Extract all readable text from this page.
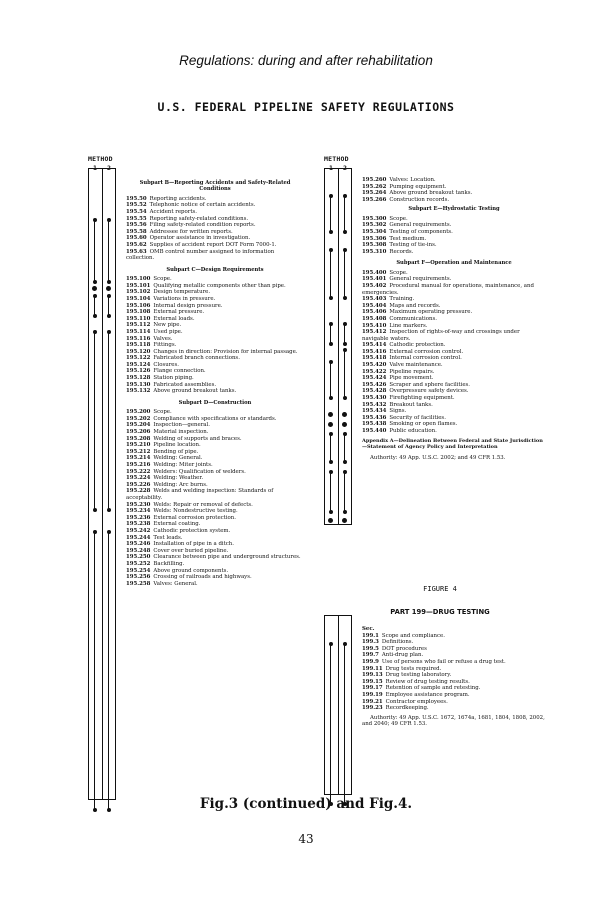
Regulations: during and after rehabilitation
U.S. FEDERAL PIPELINE SAFETY REGULATIONS
METHOD
1 2
Subpart B—Reporting Accidents and Safety-Related Conditions
195.50 Reporting accidents.
195.52 Telephonic notice of certain accidents.
195.54 Accident reports.
195.55 Reporting safety-related conditions.
195.56 Filing safety-related condition reports.
195.58 Addressee for written reports.
195.60 Operator assistance in investigation.
195.62 Supplies of accident report DOT Form 7000-1.
195.63 OMB control number assigned to information collection.
Subpart C—Design Requirements
195.100 Scope.
195.101 Qualifying metallic components other than pipe.
195.102 Design temperature.
195.104 Variations in pressure.
195.106 Internal design pressure.
195.108 External pressure.
195.110 External loads.
195.112 New pipe.
195.114 Used pipe.
195.116 Valves.
195.118 Fittings.
195.120 Changes in direction: Provision for internal passage.
195.122 Fabricated branch connections.
195.124 Closures.
195.126 Flange connection.
195.128 Station piping.
195.130 Fabricated assemblies.
195.132 Above ground breakout tanks.
Subpart D—Construction
195.200 Scope.
195.202 Compliance with specifications or standards.
195.204 Inspection—general.
195.206 Material inspection.
195.208 Welding of supports and braces.
195.210 Pipeline location.
195.212 Bending of pipe.
195.214 Welding: General.
195.216 Welding: Miter joints.
195.222 Welders: Qualification of welders.
195.224 Welding: Weather.
195.226 Welding: Arc burns.
195.228 Welds and welding inspection: Standards of acceptability.
195.230 Welds: Repair or removal of defects.
195.234 Welds: Nondestructive testing.
195.236 External corrosion protection.
195.238 External coating.
195.242 Cathodic protection system.
195.244 Test leads.
195.246 Installation of pipe in a ditch.
195.248 Cover over buried pipeline.
195.250 Clearance between pipe and underground structures.
195.252 Backfilling.
195.254 Above ground components.
195.256 Crossing of railroads and highways.
195.258 Valves: General.
METHOD
1 2
195.260 Valves: Location.
195.262 Pumping equipment.
195.264 Above ground breakout tanks.
195.266 Construction records.
Subpart E—Hydrostatic Testing
195.300 Scope.
195.302 General requirements.
195.304 Testing of components.
195.306 Test medium.
195.308 Testing of tie-ins.
195.310 Records.
Subpart F—Operation and Maintenance
195.400 Scope.
195.401 General requirements.
195.402 Procedural manual for operations, maintenance, and emergencies.
195.403 Training.
195.404 Maps and records.
195.406 Maximum operating pressure.
195.408 Communications.
195.410 Line markers.
195.412 Inspection of rights-of-way and crossings under navigable waters.
195.414 Cathodic protection.
195.416 External corrosion control.
195.418 Internal corrosion control.
195.420 Valve maintenance.
195.422 Pipeline repairs.
195.424 Pipe movement.
195.426 Scraper and sphere facilities.
195.428 Overpressure safety devices.
195.430 Firefighting equipment.
195.432 Breakout tanks.
195.434 Signs.
195.436 Security of facilities.
195.438 Smoking or open flames.
195.440 Public education.
Appendix A—Delineation Between Federal and State Jurisdiction—Statement of Agency Policy and Interpretation
Authority: 49 App. U.S.C. 2002; and 49 CFR 1.53.
FIGURE 4
PART 199—DRUG TESTING
Sec.
199.1 Scope and compliance.
199.3 Definitions.
199.5 DOT procedures
199.7 Anti-drug plan.
199.9 Use of persons who fail or refuse a drug test.
199.11 Drug tests required.
199.13 Drug testing laboratory.
199.15 Review of drug testing results.
199.17 Retention of sample and retesting.
199.19 Employee assistance program.
199.21 Contractor employees.
199.23 Recordkeeping.
Authority: 49 App. U.S.C. 1672, 1674a, 1681, 1804, 1808, 2002, and 2040; 49 CFR 1.53.
Fig.3 (continued) and Fig.4.
43
